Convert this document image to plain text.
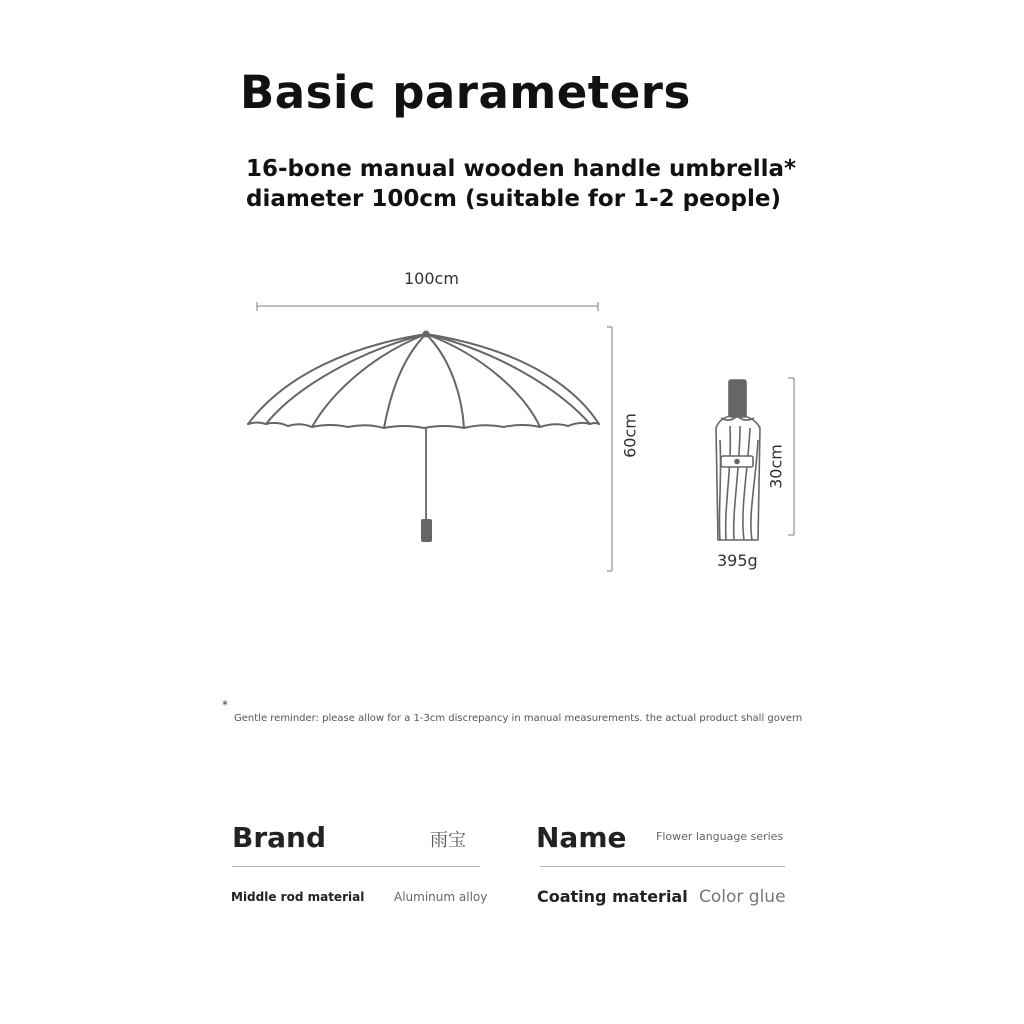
Basic parameters
16-bone manual wooden handle umbrella*
diameter 100cm (suitable for 1-2 people)
100cm
60cm
30cm
395g
*
Gentle reminder: please allow for a 1-3cm discrepancy in manual measurements. the actual product shall govern
Brand	雨宝	Name	Flower language series
Middle rod material Aluminum alloy	Coating material Color glue
